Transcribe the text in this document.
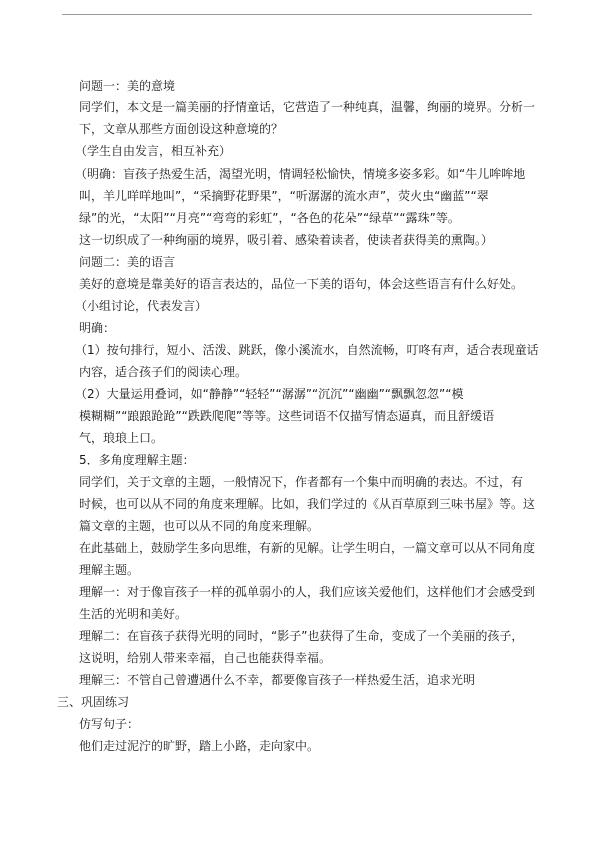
问题一：美的意境
同学们，本文是一篇美丽的抒情童话，它营造了一种纯真，温馨，绚丽的境界。分析一
下，文章从那些方面创设这种意境的？
（学生自由发言，相互补充）
（明确：盲孩子热爱生活，渴望光明，情调轻松愉快，情境多姿多彩。如“牛儿哞哞地
叫，羊儿咩咩地叫”，“采摘野花野果”，“听潺潺的流水声”，荧火虫“幽蓝”“翠
绿”的光，“太阳”“月亮”“弯弯的彩虹”，“各色的花朵”“绿草”“露珠”等。
这一切织成了一种绚丽的境界，吸引着、感染着读者，使读者获得美的熏陶。）
问题二：美的语言
美好的意境是靠美好的语言表达的，品位一下美的语句，体会这些语言有什么好处。
（小组讨论，代表发言）
明确：
（1）按句排行，短小、活泼、跳跃，像小溪流水，自然流畅，叮咚有声，适合表现童话
内容，适合孩子们的阅读心理。
（2）大量运用叠词，如“静静”“轻轻”“潺潺”“沉沉”“幽幽”“飘飘忽忽”“模
模糊糊”“踉踉跄跄”“跌跌爬爬”等等。这些词语不仅描写情态逼真，而且舒缓语
气，琅琅上口。
5．多角度理解主题：
同学们，关于文章的主题，一般情况下，作者都有一个集中而明确的表达。不过，有
时候，也可以从不同的角度来理解。比如，我们学过的《从百草原到三味书屋》等。这
篇文章的主题，也可以从不同的角度来理解。
在此基础上，鼓励学生多向思维，有新的见解。让学生明白，一篇文章可以从不同角度
理解主题。
理解一：对于像盲孩子一样的孤单弱小的人，我们应该关爱他们，这样他们才会感受到
生活的光明和美好。
理解二：在盲孩子获得光明的同时，“影子”也获得了生命，变成了一个美丽的孩子，
这说明，给别人带来幸福，自己也能获得幸福。
理解三：不管自己曾遭遇什么不幸，都要像盲孩子一样热爱生活，追求光明
三、巩固练习
仿写句子：
他们走过泥泞的旷野，踏上小路，走向家中。
